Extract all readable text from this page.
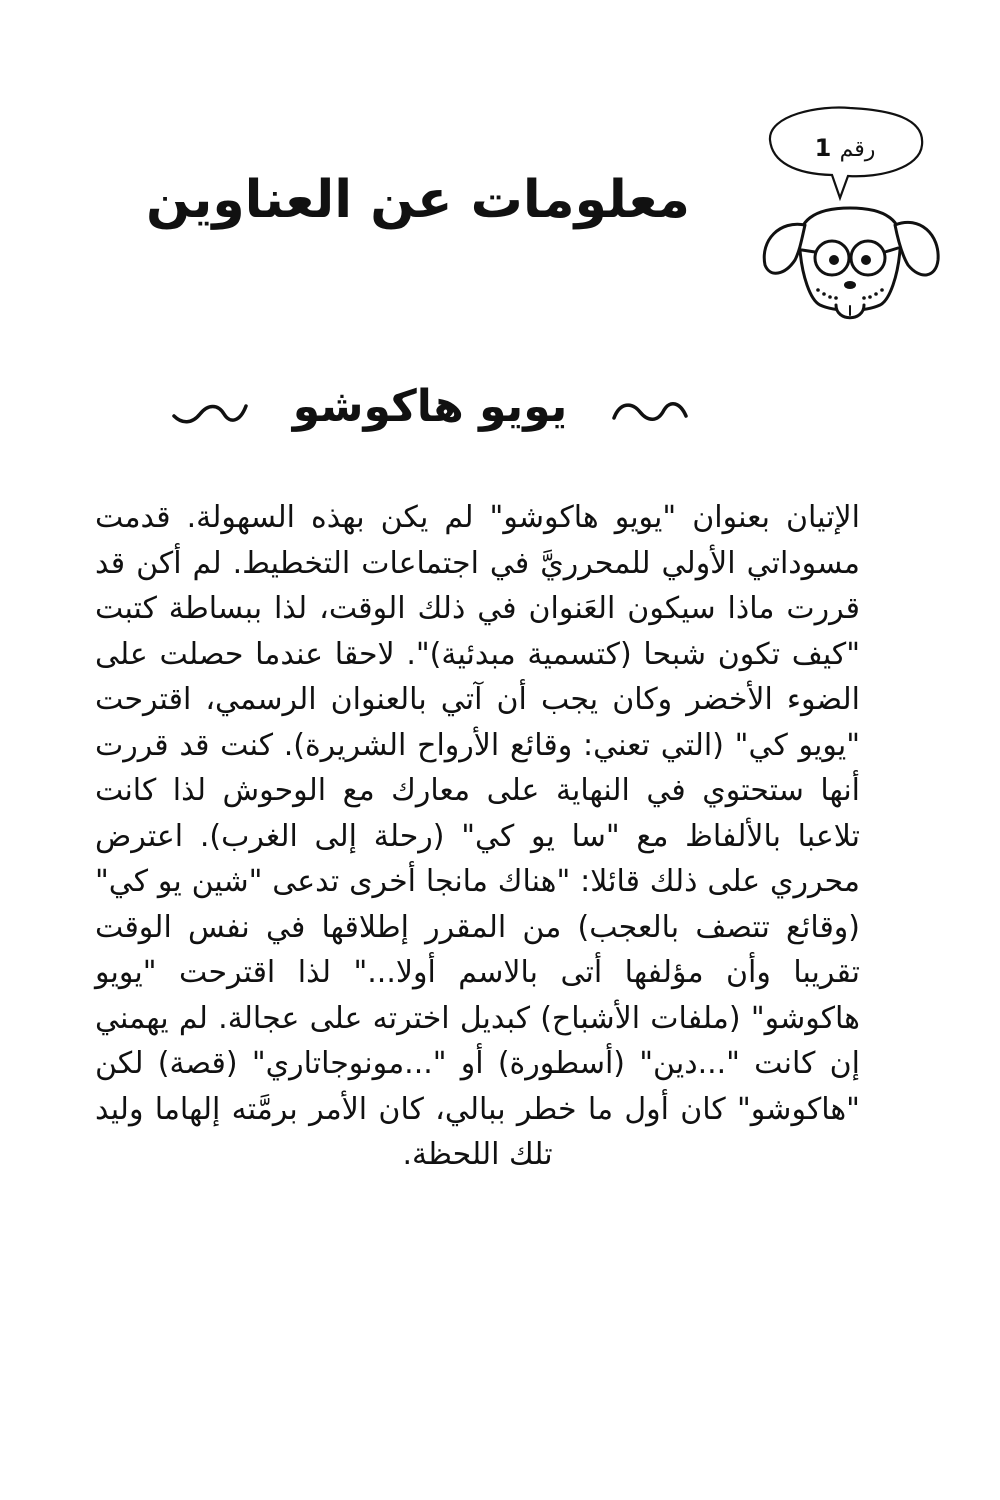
رقم 1
معلومات عن العناوين
يويو هاكوشو
الإتيان بعنوان "يويو هاكوشو" لم يكن بهذه السهولة. قدمت مسوداتي الأولي للمحرريَّ في اجتماعات التخطيط. لم أكن قد قررت ماذا سيكون العَنوان في ذلك الوقت، لذا ببساطة كتبت "كيف تكون شبحا (كتسمية مبدئية)". لاحقا عندما حصلت على الضوء الأخضر وكان يجب أن آتي بالعنوان الرسمي، اقترحت "يويو كي" (التي تعني: وقائع الأرواح الشريرة). كنت قد قررت أنها ستحتوي في النهاية على معارك مع الوحوش لذا كانت تلاعبا بالألفاظ مع "سا يو كي" (رحلة إلى الغرب). اعترض محرري على ذلك قائلا: "هناك مانجا أخرى تدعى "شين يو كي" (وقائع تتصف بالعجب) من المقرر إطلاقها في نفس الوقت تقريبا وأن مؤلفها أتى بالاسم أولا..." لذا اقترحت "يويو هاكوشو" (ملفات الأشباح) كبديل اخترته على عجالة. لم يهمني إن كانت "...دين" (أسطورة) أو "...مونوجاتاري" (قصة) لكن "هاكوشو" كان أول ما خطر ببالي، كان الأمر برمَّته إلهاما وليد تلك اللحظة.
